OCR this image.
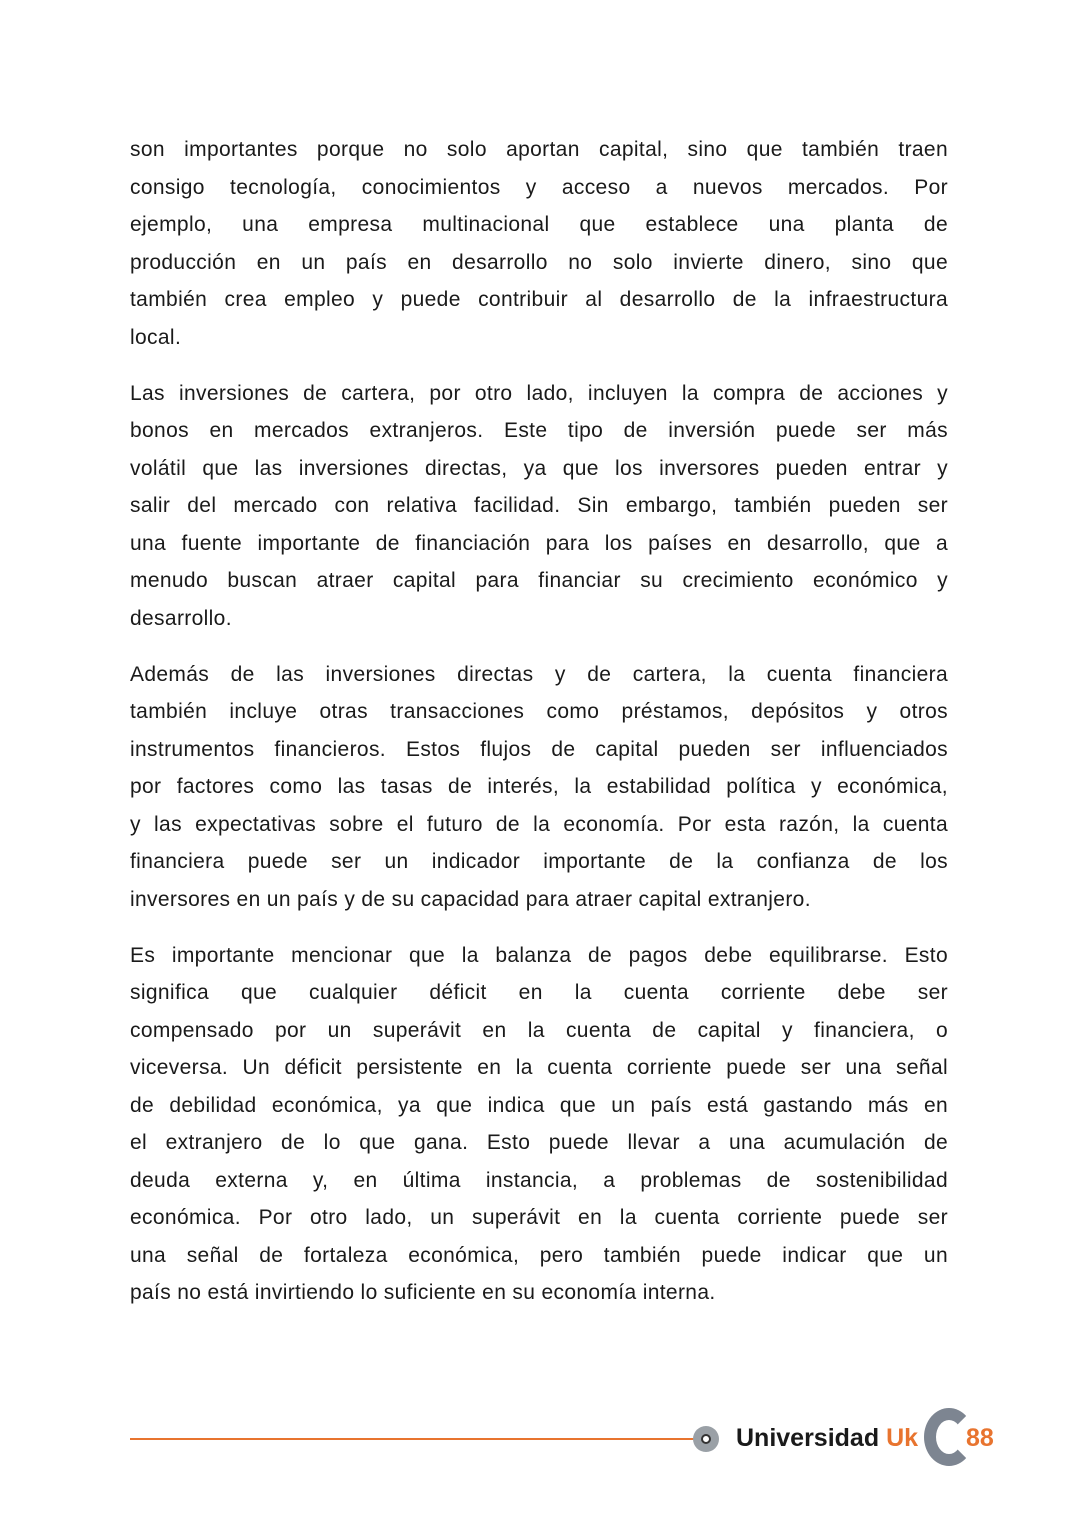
son importantes porque no solo aportan capital, sino que también traen
consigo tecnología, conocimientos y acceso a nuevos mercados. Por
ejemplo, una empresa multinacional que establece una planta de
producción en un país en desarrollo no solo invierte dinero, sino que
también crea empleo y puede contribuir al desarrollo de la infraestructura
local.
Las inversiones de cartera, por otro lado, incluyen la compra de acciones y
bonos en mercados extranjeros. Este tipo de inversión puede ser más
volátil que las inversiones directas, ya que los inversores pueden entrar y
salir del mercado con relativa facilidad. Sin embargo, también pueden ser
una fuente importante de financiación para los países en desarrollo, que a
menudo buscan atraer capital para financiar su crecimiento económico y
desarrollo.
Además de las inversiones directas y de cartera, la cuenta financiera
también incluye otras transacciones como préstamos, depósitos y otros
instrumentos financieros. Estos flujos de capital pueden ser influenciados
por factores como las tasas de interés, la estabilidad política y económica,
y las expectativas sobre el futuro de la economía. Por esta razón, la cuenta
financiera puede ser un indicador importante de la confianza de los
inversores en un país y de su capacidad para atraer capital extranjero.
Es importante mencionar que la balanza de pagos debe equilibrarse. Esto
significa que cualquier déficit en la cuenta corriente debe ser
compensado por un superávit en la cuenta de capital y financiera, o
viceversa. Un déficit persistente en la cuenta corriente puede ser una señal
de debilidad económica, ya que indica que un país está gastando más en
el extranjero de lo que gana. Esto puede llevar a una acumulación de
deuda externa y, en última instancia, a problemas de sostenibilidad
económica. Por otro lado, un superávit en la cuenta corriente puede ser
una señal de fortaleza económica, pero también puede indicar que un
país no está invirtiendo lo suficiente en su economía interna.
Universidad Uk 88
